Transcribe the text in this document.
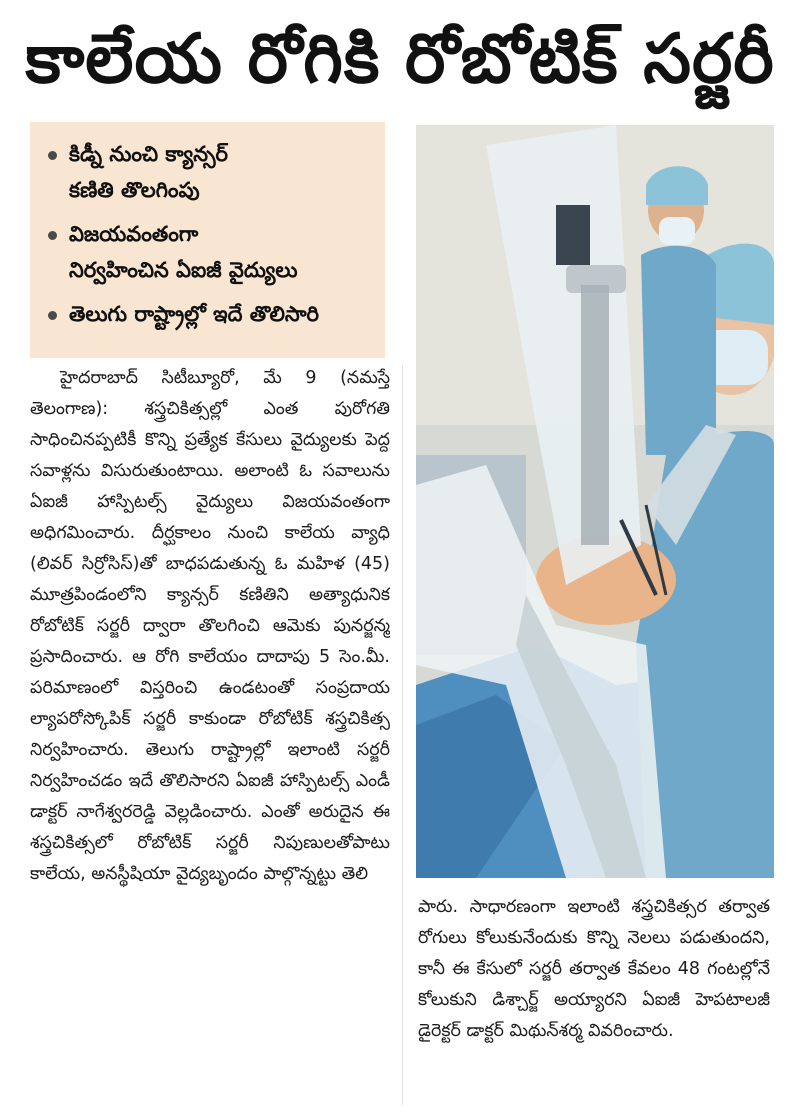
కాలేయ రోగికి రోబోటిక్ సర్జరీ
కిడ్నీ నుంచి క్యాన్సర్
కణితి తొలగింపు
విజయవంతంగా
నిర్వహించిన ఏఐజీ వైద్యులు
తెలుగు రాష్ట్రాల్లో ఇదే తొలిసారి

హైదరాబాద్ సిటీబ్యూరో, మే 9 (నమస్తే తెలంగాణ): శస్త్రచికిత్సల్లో ఎంత పురోగతి సాధించినప్పటికీ కొన్ని ప్రత్యేక కేసులు వైద్యులకు పెద్ద సవాళ్లను విసురుతుంటాయి. అలాంటి ఓ సవాలును ఏఐజీ హాస్పిటల్స్ వైద్యులు విజయవంతంగా అధిగమించారు. దీర్ఘకాలం నుంచి కాలేయ వ్యాధి (లివర్ సిర్రోసిస్)తో బాధపడుతున్న ఓ మహిళ (45) మూత్రపిండంలోని క్యాన్సర్ కణితిని అత్యాధునిక రోబోటిక్ సర్జరీ ద్వారా తొలగించి ఆమెకు పునర్జన్మ ప్రసాదించారు. ఆ రోగి కాలేయం దాదాపు 5 సెం.మీ. పరిమాణంలో విస్తరించి ఉండటంతో సంప్రదాయ ల్యాపరోస్కోపిక్ సర్జరీ కాకుండా రోబోటిక్ శస్త్రచికిత్స నిర్వహించారు. తెలుగు రాష్ట్రాల్లో ఇలాంటి సర్జరీ నిర్వహించడం ఇదే తొలిసారని ఏఐజీ హాస్పిటల్స్ ఎండీ డాక్టర్ నాగేశ్వరరెడ్డి వెల్లడించారు. ఎంతో అరుదైన ఈ శస్త్రచికిత్సలో రోబోటిక్ సర్జరీ నిపుణులతోపాటు కాలేయ, అనస్థీషియా వైద్యబృందం పాల్గొన్నట్టు తెలి

పారు. సాధారణంగా ఇలాంటి శస్త్రచికిత్సర తర్వాత రోగులు కోలుకునేందుకు కొన్ని నెలలు పడుతుందని, కానీ ఈ కేసులో సర్జరీ తర్వాత కేవలం 48 గంటల్లోనే కోలుకుని డిశ్చార్జ్ అయ్యారని ఏఐజీ హెపటాలజీ డైరెక్టర్ డాక్టర్ మిథున్‌శర్మ వివరించారు.
